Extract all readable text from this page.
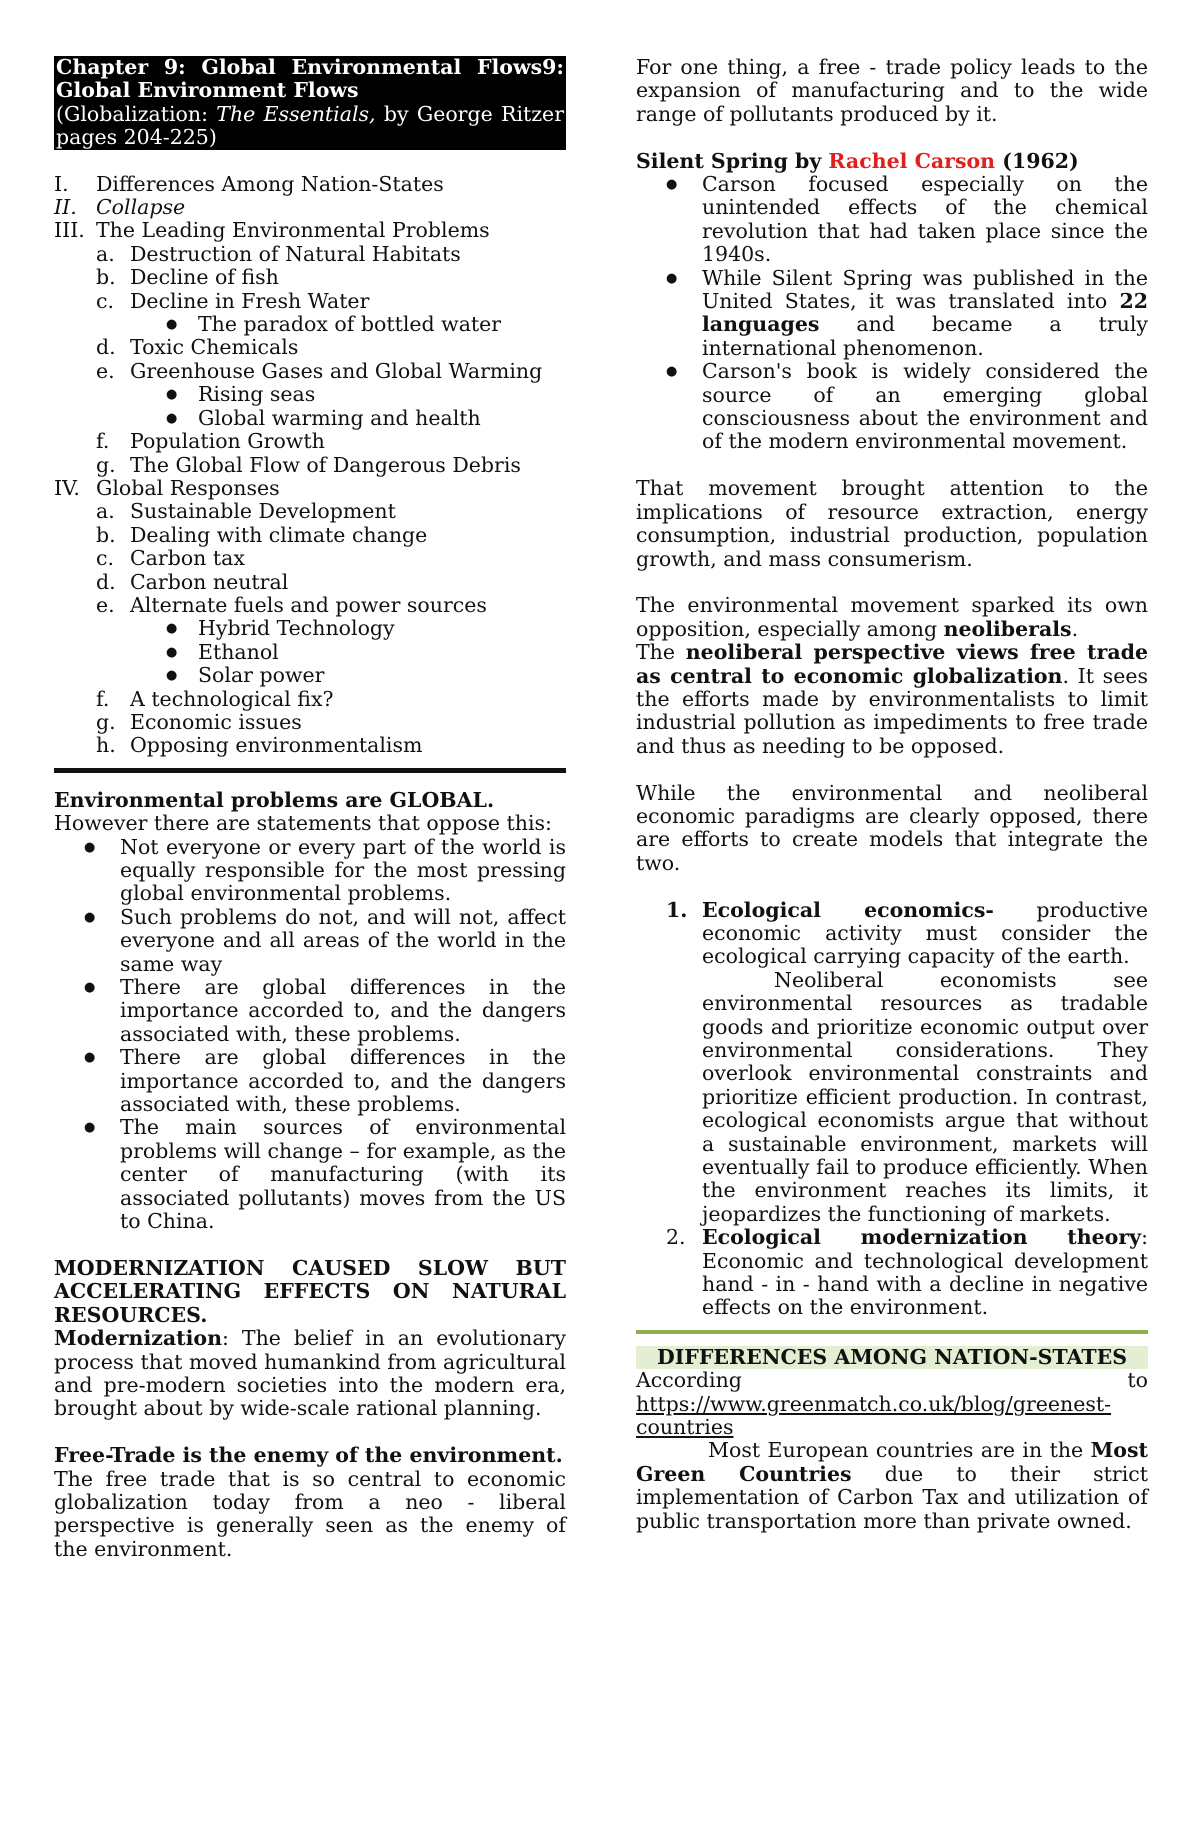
Chapter 9: Global Environmental Flows9:

Global Environment Flows

(Globalization: The Essentials, by George Ritzer

pages 204-225)

I.	Differences Among Nation-States
II. Collapse
III. The Leading Environmental Problems
a. Destruction of Natural Habitats
b. Decline of fish
c. Decline in Fresh Water
●	The paradox of bottled water
d. Toxic Chemicals
e. Greenhouse Gases and Global Warming
●	Rising seas
●	Global warming and health
f.	Population Growth
g. The Global Flow of Dangerous Debris
IV. Global Responses
a. Sustainable Development
b. Dealing with climate change
c. Carbon tax
d. Carbon neutral
e. Alternate fuels and power sources
●	Hybrid Technology
●	Ethanol
●	Solar power
f.	A technological fix?
g. Economic issues
h. Opposing environmentalism

Environmental problems are GLOBAL.

However there are statements that oppose this:

●	Not everyone or every part of the world is equally responsible for the most pressing global environmental problems.
●	Such problems do not, and will not, affect everyone and all areas of the world in the same way
●	There are global differences in the importance accorded to, and the dangers associated with, these problems.
●	There are global differences in the importance accorded to, and the dangers associated with, these problems.
●	The main sources of environmental problems will change – for example, as the center of manufacturing (with its associated pollutants) moves from the US to China.

MODERNIZATION CAUSED SLOW BUT ACCELERATING EFFECTS ON NATURAL RESOURCES.

Modernization: The belief in an evolutionary process that moved humankind from agricultural and pre-modern societies into the modern era, brought about by wide-scale rational planning.

Free-Trade is the enemy of the environment.

The free trade that is so central to economic globalization today from a neo - liberal perspective is generally seen as the enemy of the environment.

For one thing, a free - trade policy leads to the expansion of manufacturing and to the wide range of pollutants produced by it.

Silent Spring by Rachel Carson (1962)

●	Carson focused especially on the unintended effects of the chemical revolution that had taken place since the 1940s.
●	While Silent Spring was published in the United States, it was translated into 22 languages and became a truly international phenomenon.
●	Carson's book is widely considered the source of an emerging global consciousness about the environment and of the modern environmental movement.

That movement brought attention to the implications of resource extraction, energy consumption, industrial production, population growth, and mass consumerism.

The environmental movement sparked its own opposition, especially among neoliberals.

The neoliberal perspective views free trade as central to economic globalization. It sees the efforts made by environmentalists to limit industrial pollution as impediments to free trade and thus as needing to be opposed.

While the environmental and neoliberal economic paradigms are clearly opposed, there are efforts to create models that integrate the two.

1. Ecological economics- productive economic activity must consider the ecological carrying capacity of the earth.
Neoliberal economists see environmental resources as tradable goods and prioritize economic output over environmental considerations. They overlook environmental constraints and prioritize efficient production. In contrast, ecological economists argue that without a sustainable environment, markets will eventually fail to produce efficiently. When the environment reaches its limits, it jeopardizes the functioning of markets.
2. Ecological modernization theory: Economic and technological development hand - in - hand with a decline in negative effects on the environment.

DIFFERENCES AMONG NATION-STATES

According	to

https://www.greenmatch.co.uk/blog/greenest-countries

Most European countries are in the Most Green Countries due to their strict implementation of Carbon Tax and utilization of public transportation more than private owned.
